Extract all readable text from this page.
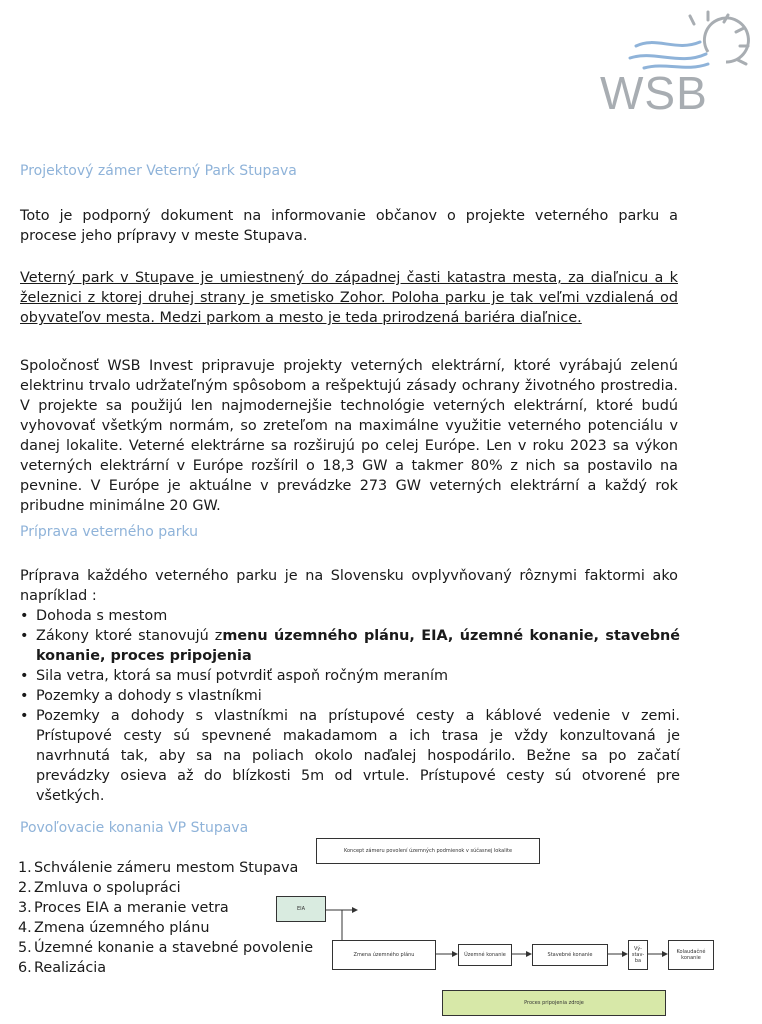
WSB
Projektový zámer Veterný Park Stupava
Toto je podporný dokument na informovanie občanov o projekte veterného parku a procese jeho prípravy v meste Stupava.
Veterný park v Stupave je umiestnený do západnej časti katastra mesta, za diaľnicu a k železnici z ktorej druhej strany je smetisko Zohor. Poloha parku je tak veľmi vzdialená od obyvateľov mesta. Medzi parkom a mesto je teda prirodzená bariéra diaľnice.
Spoločnosť WSB Invest pripravuje projekty veterných elektrární, ktoré vyrábajú zelenú elektrinu trvalo udržateľným spôsobom a rešpektujú zásady ochrany životného prostredia. V projekte sa použijú len najmodernejšie technológie veterných elektrární, ktoré budú vyhovovať všetkým normám, so zreteľom na maximálne využitie veterného potenciálu v danej lokalite. Veterné elektrárne sa rozširujú po celej Európe. Len v roku 2023 sa výkon veterných elektrární v Európe rozšíril o 18,3 GW a takmer 80% z nich sa postavilo na pevnine. V Európe je aktuálne v prevádzke 273 GW veterných elektrární a každý rok pribudne minimálne 20 GW.
Príprava veterného parku
Príprava každého veterného parku je na Slovensku ovplyvňovaný rôznymi faktormi ako napríklad :
• Dohoda s mestom
• Zákony ktoré stanovujú zmenu územného plánu, EIA, územné konanie, stavebné konanie, proces pripojenia
• Sila vetra, ktorá sa musí potvrdiť aspoň ročným meraním
• Pozemky a dohody s vlastníkmi
• Pozemky a dohody s vlastníkmi na prístupové cesty a káblové vedenie v zemi. Prístupové cesty sú spevnené makadamom a ich trasa je vždy konzultovaná je navrhnutá tak, aby sa na poliach okolo naďalej hospodárilo. Bežne sa po začatí prevádzky osieva až do blízkosti 5m od vrtule. Prístupové cesty sú otvorené pre všetkých.
Povoľovacie konania VP Stupava
1. Schválenie zámeru mestom Stupava
2. Zmluva o spolupráci
3. Proces EIA a meranie vetra
4. Zmena územného plánu
5. Územné konanie a stavebné povolenie
6. Realizácia
Koncept zámeru povolení územných podmienok v súčasnej lokalite
EIA
Zmena územného plánu	Územné konanie	Stavebné konanie
Vý- stav- ba
Kolaudačné konanie
Proces pripojenia zdroje
